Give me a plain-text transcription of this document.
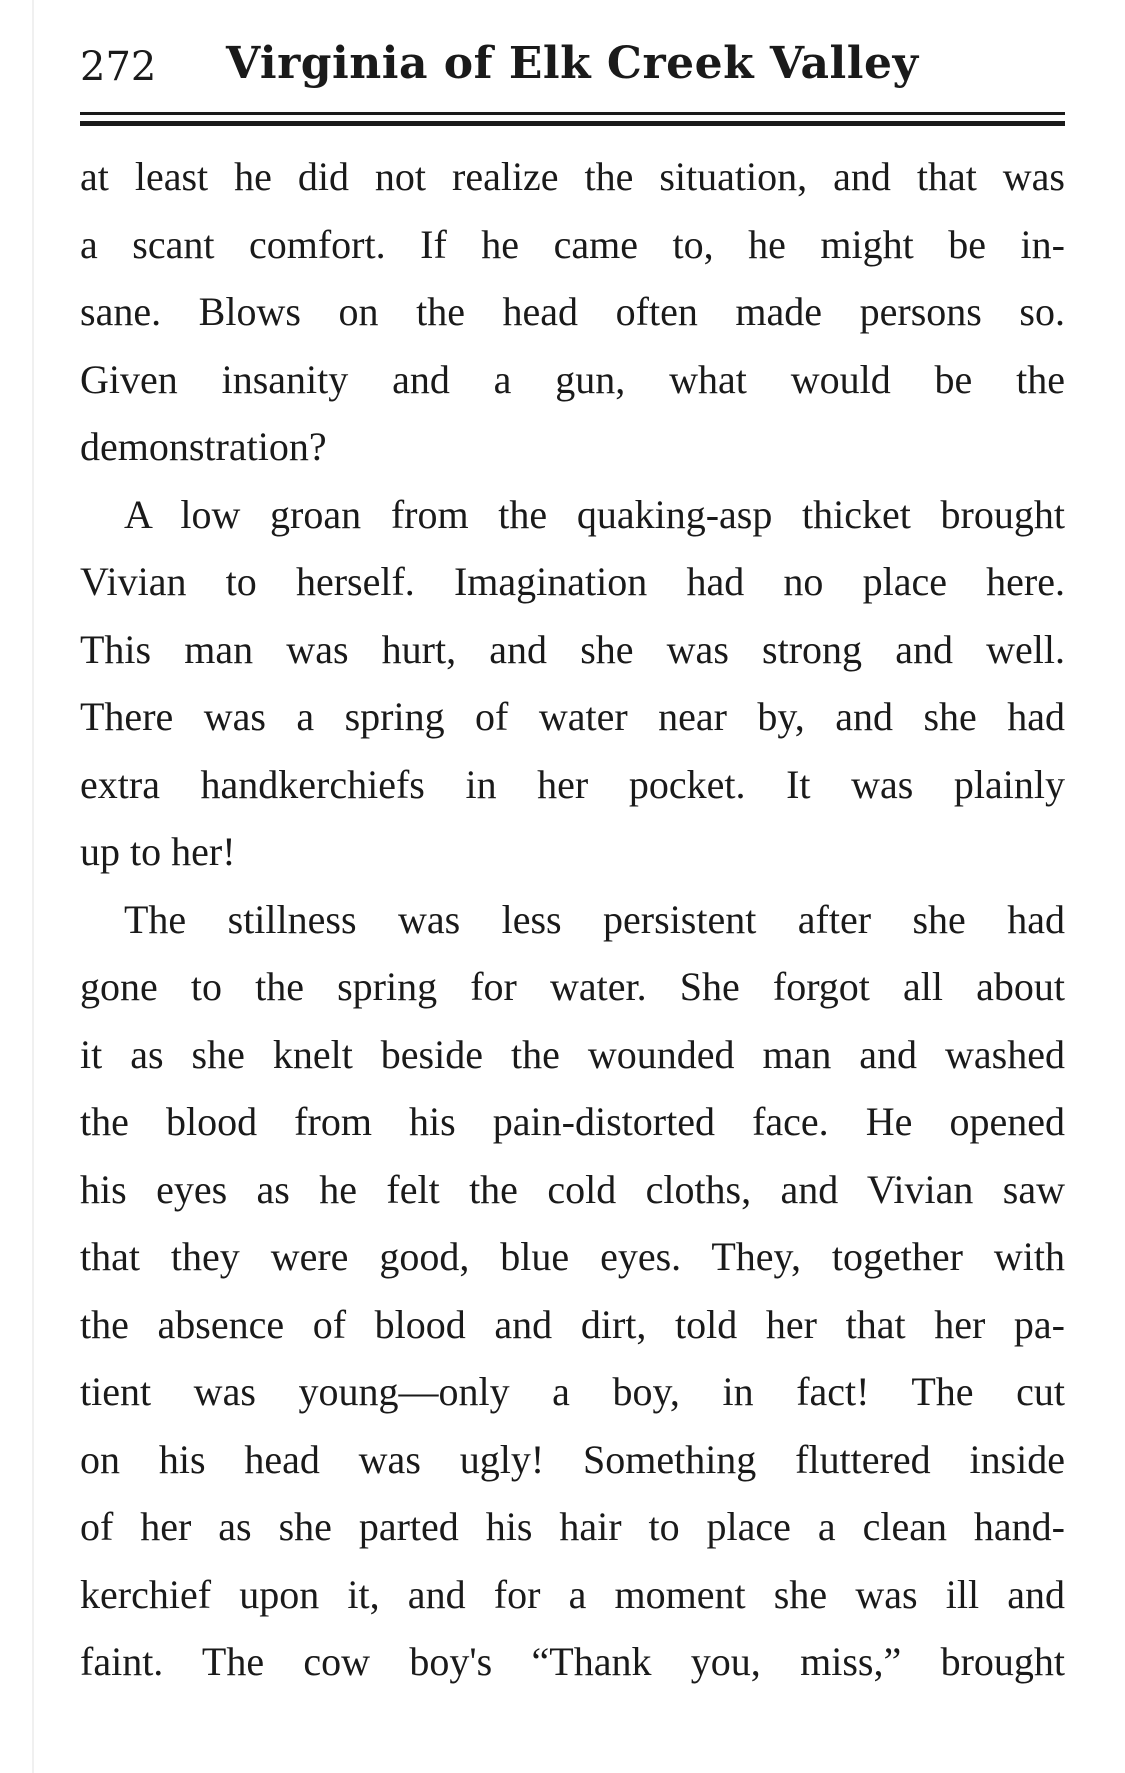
272 Virginia of Elk Creek Valley
at least he did not realize the situation, and that was
a scant comfort. If he came to, he might be in-
sane. Blows on the head often made persons so.
Given insanity and a gun, what would be the
demonstration?
A low groan from the quaking-asp thicket brought
Vivian to herself. Imagination had no place here.
This man was hurt, and she was strong and well.
There was a spring of water near by, and she had
extra handkerchiefs in her pocket. It was plainly
up to her!
The stillness was less persistent after she had
gone to the spring for water. She forgot all about
it as she knelt beside the wounded man and washed
the blood from his pain-distorted face. He opened
his eyes as he felt the cold cloths, and Vivian saw
that they were good, blue eyes. They, together with
the absence of blood and dirt, told her that her pa-
tient was young—only a boy, in fact! The cut
on his head was ugly! Something fluttered inside
of her as she parted his hair to place a clean hand-
kerchief upon it, and for a moment she was ill and
faint. The cow boy's “Thank you, miss,” brought
